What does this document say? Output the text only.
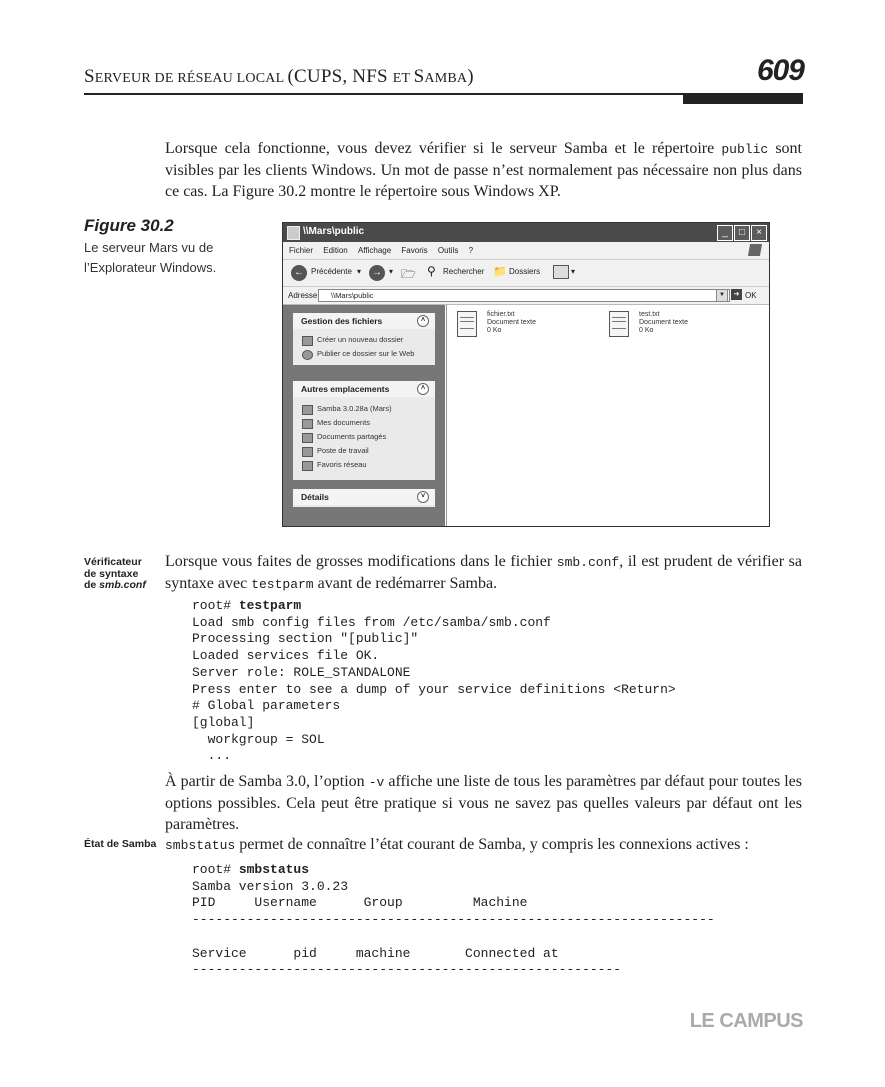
SERVEUR DE RÉSEAU LOCAL (CUPS, NFS ET SAMBA)	609
Lorsque cela fonctionne, vous devez vérifier si le serveur Samba et le répertoire public sont visibles par les clients Windows. Un mot de passe n’est normalement pas nécessaire non plus dans ce cas. La Figure 30.2 montre le répertoire sous Windows XP.
Figure 30.2
Le serveur Mars vu de l’Explorateur Windows.
\\Mars\public	_	□	×
Fichier Edition Affichage Favoris Outils ?
← Précédente ▾	→ ▾ 🗁 ⚲ Rechercher 📁 Dossiers	▾
Adresse	\\Mars\public	▼	➜ OK
Gestion des fichiers	˄
Créer un nouveau dossier
Publier ce dossier sur le Web
Autres emplacements	˄
Samba 3.0.28a (Mars)
Mes documents
Documents partagés
Poste de travail
Favoris réseau
Détails	˅
fichier.txt
Document texte
0 Ko
test.txt
Document texte
0 Ko
Vérificateur
de syntaxe
de smb.conf
Lorsque vous faites de grosses modifications dans le fichier smb.conf, il est prudent de vérifier sa syntaxe avec testparm avant de redémarrer Samba.
root# testparm
Load smb config files from /etc/samba/smb.conf
Processing section "[public]"
Loaded services file OK.
Server role: ROLE_STANDALONE
Press enter to see a dump of your service definitions <Return>
# Global parameters
[global]
workgroup = SOL
...
À partir de Samba 3.0, l’option -v affiche une liste de tous les paramètres par défaut pour toutes les options possibles. Cela peut être pratique si vous ne savez pas quelles valeurs par défaut ont les paramètres.
État de Samba smbstatus permet de connaître l’état courant de Samba, y compris les connexions actives :
root# smbstatus
Samba version 3.0.23
PID     Username      Group         Machine
-------------------------------------------------------------------

Service      pid     machine       Connected at
-------------------------------------------------------
LE CAMPUS
